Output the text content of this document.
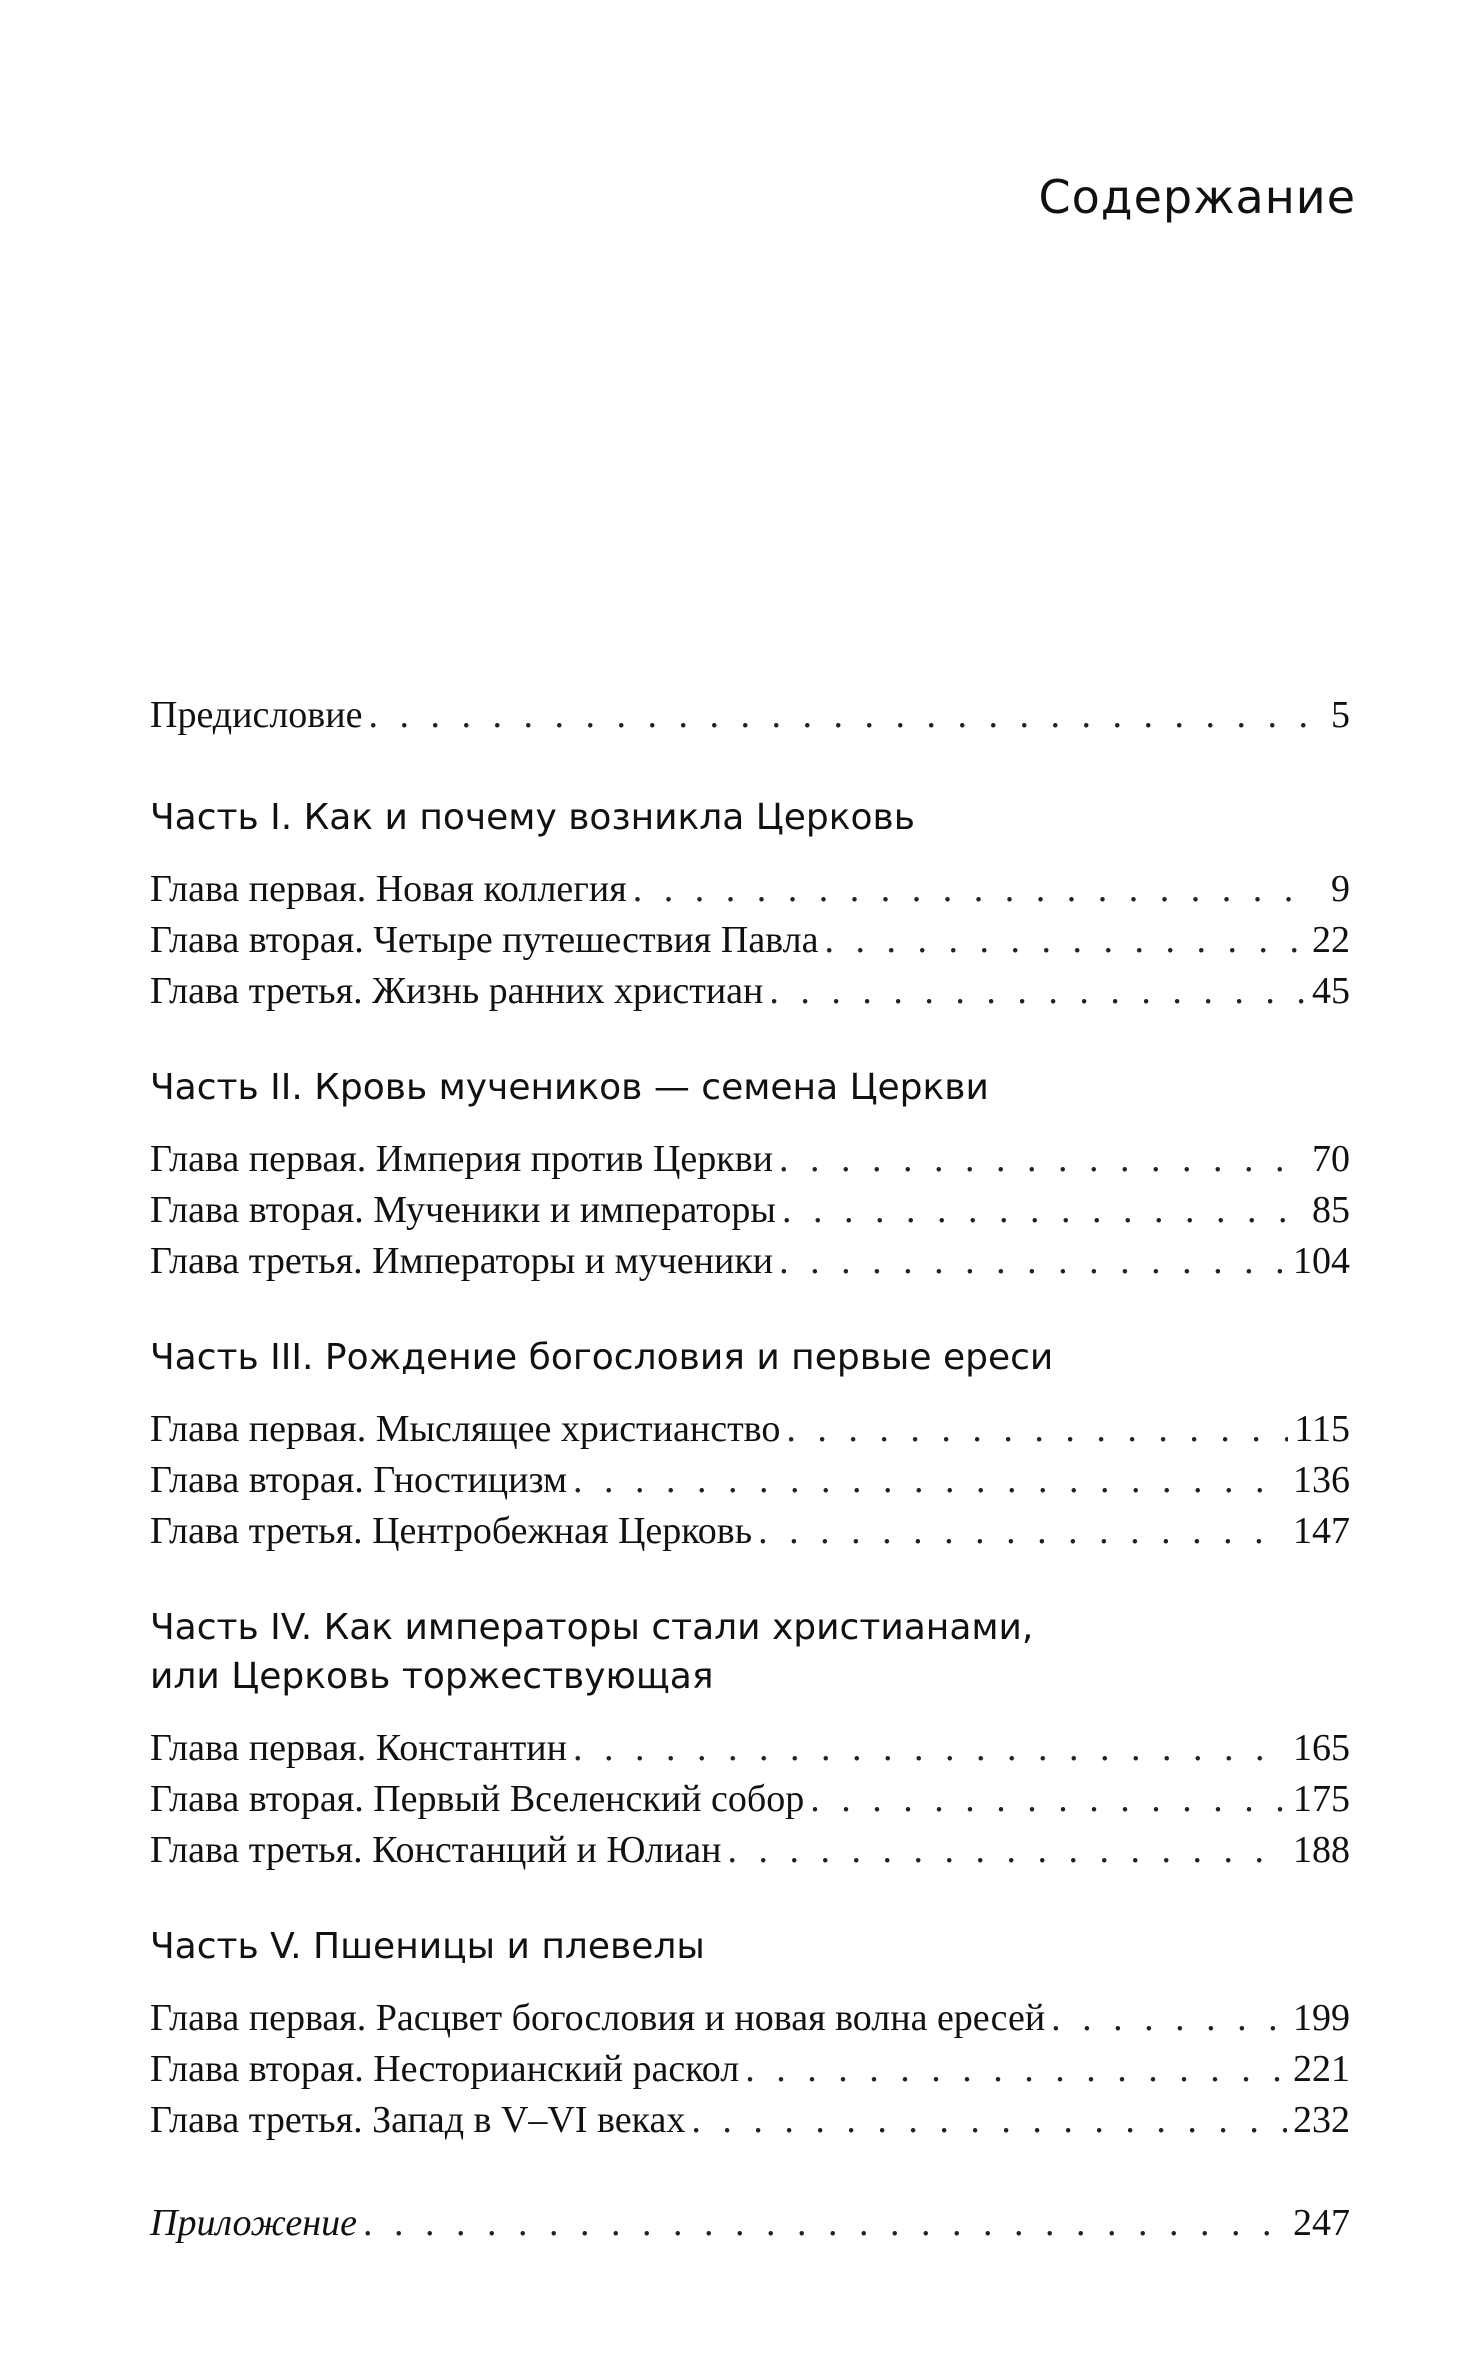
Содержание
Предисловие . . .	5
Часть I. Как и почему возникла Церковь
Глава первая. Новая коллегия . . .	9
Глава вторая. Четыре путешествия Павла . . .	22
Глава третья. Жизнь ранних христиан . . .	45
Часть II. Кровь мучеников — семена Церкви
Глава первая. Империя против Церкви . . .	70
Глава вторая. Мученики и императоры . . .	85
Глава третья. Императоры и мученики . . .	104
Часть III. Рождение богословия и первые ереси
Глава первая. Мыслящее христианство . . .	115
Глава вторая. Гностицизм . . .	136
Глава третья. Центробежная Церковь . . .	147
Часть IV. Как императоры стали христианами,
или Церковь торжествующая
Глава первая. Константин . . .	165
Глава вторая. Первый Вселенский собор . . .	175
Глава третья. Констанций и Юлиан . . .	188
Часть V. Пшеницы и плевелы
Глава первая. Расцвет богословия и новая волна ересей . . .	199
Глава вторая. Несторианский раскол . . .	221
Глава третья. Запад в V–VI веках . . .	232
Приложение . . .	247
